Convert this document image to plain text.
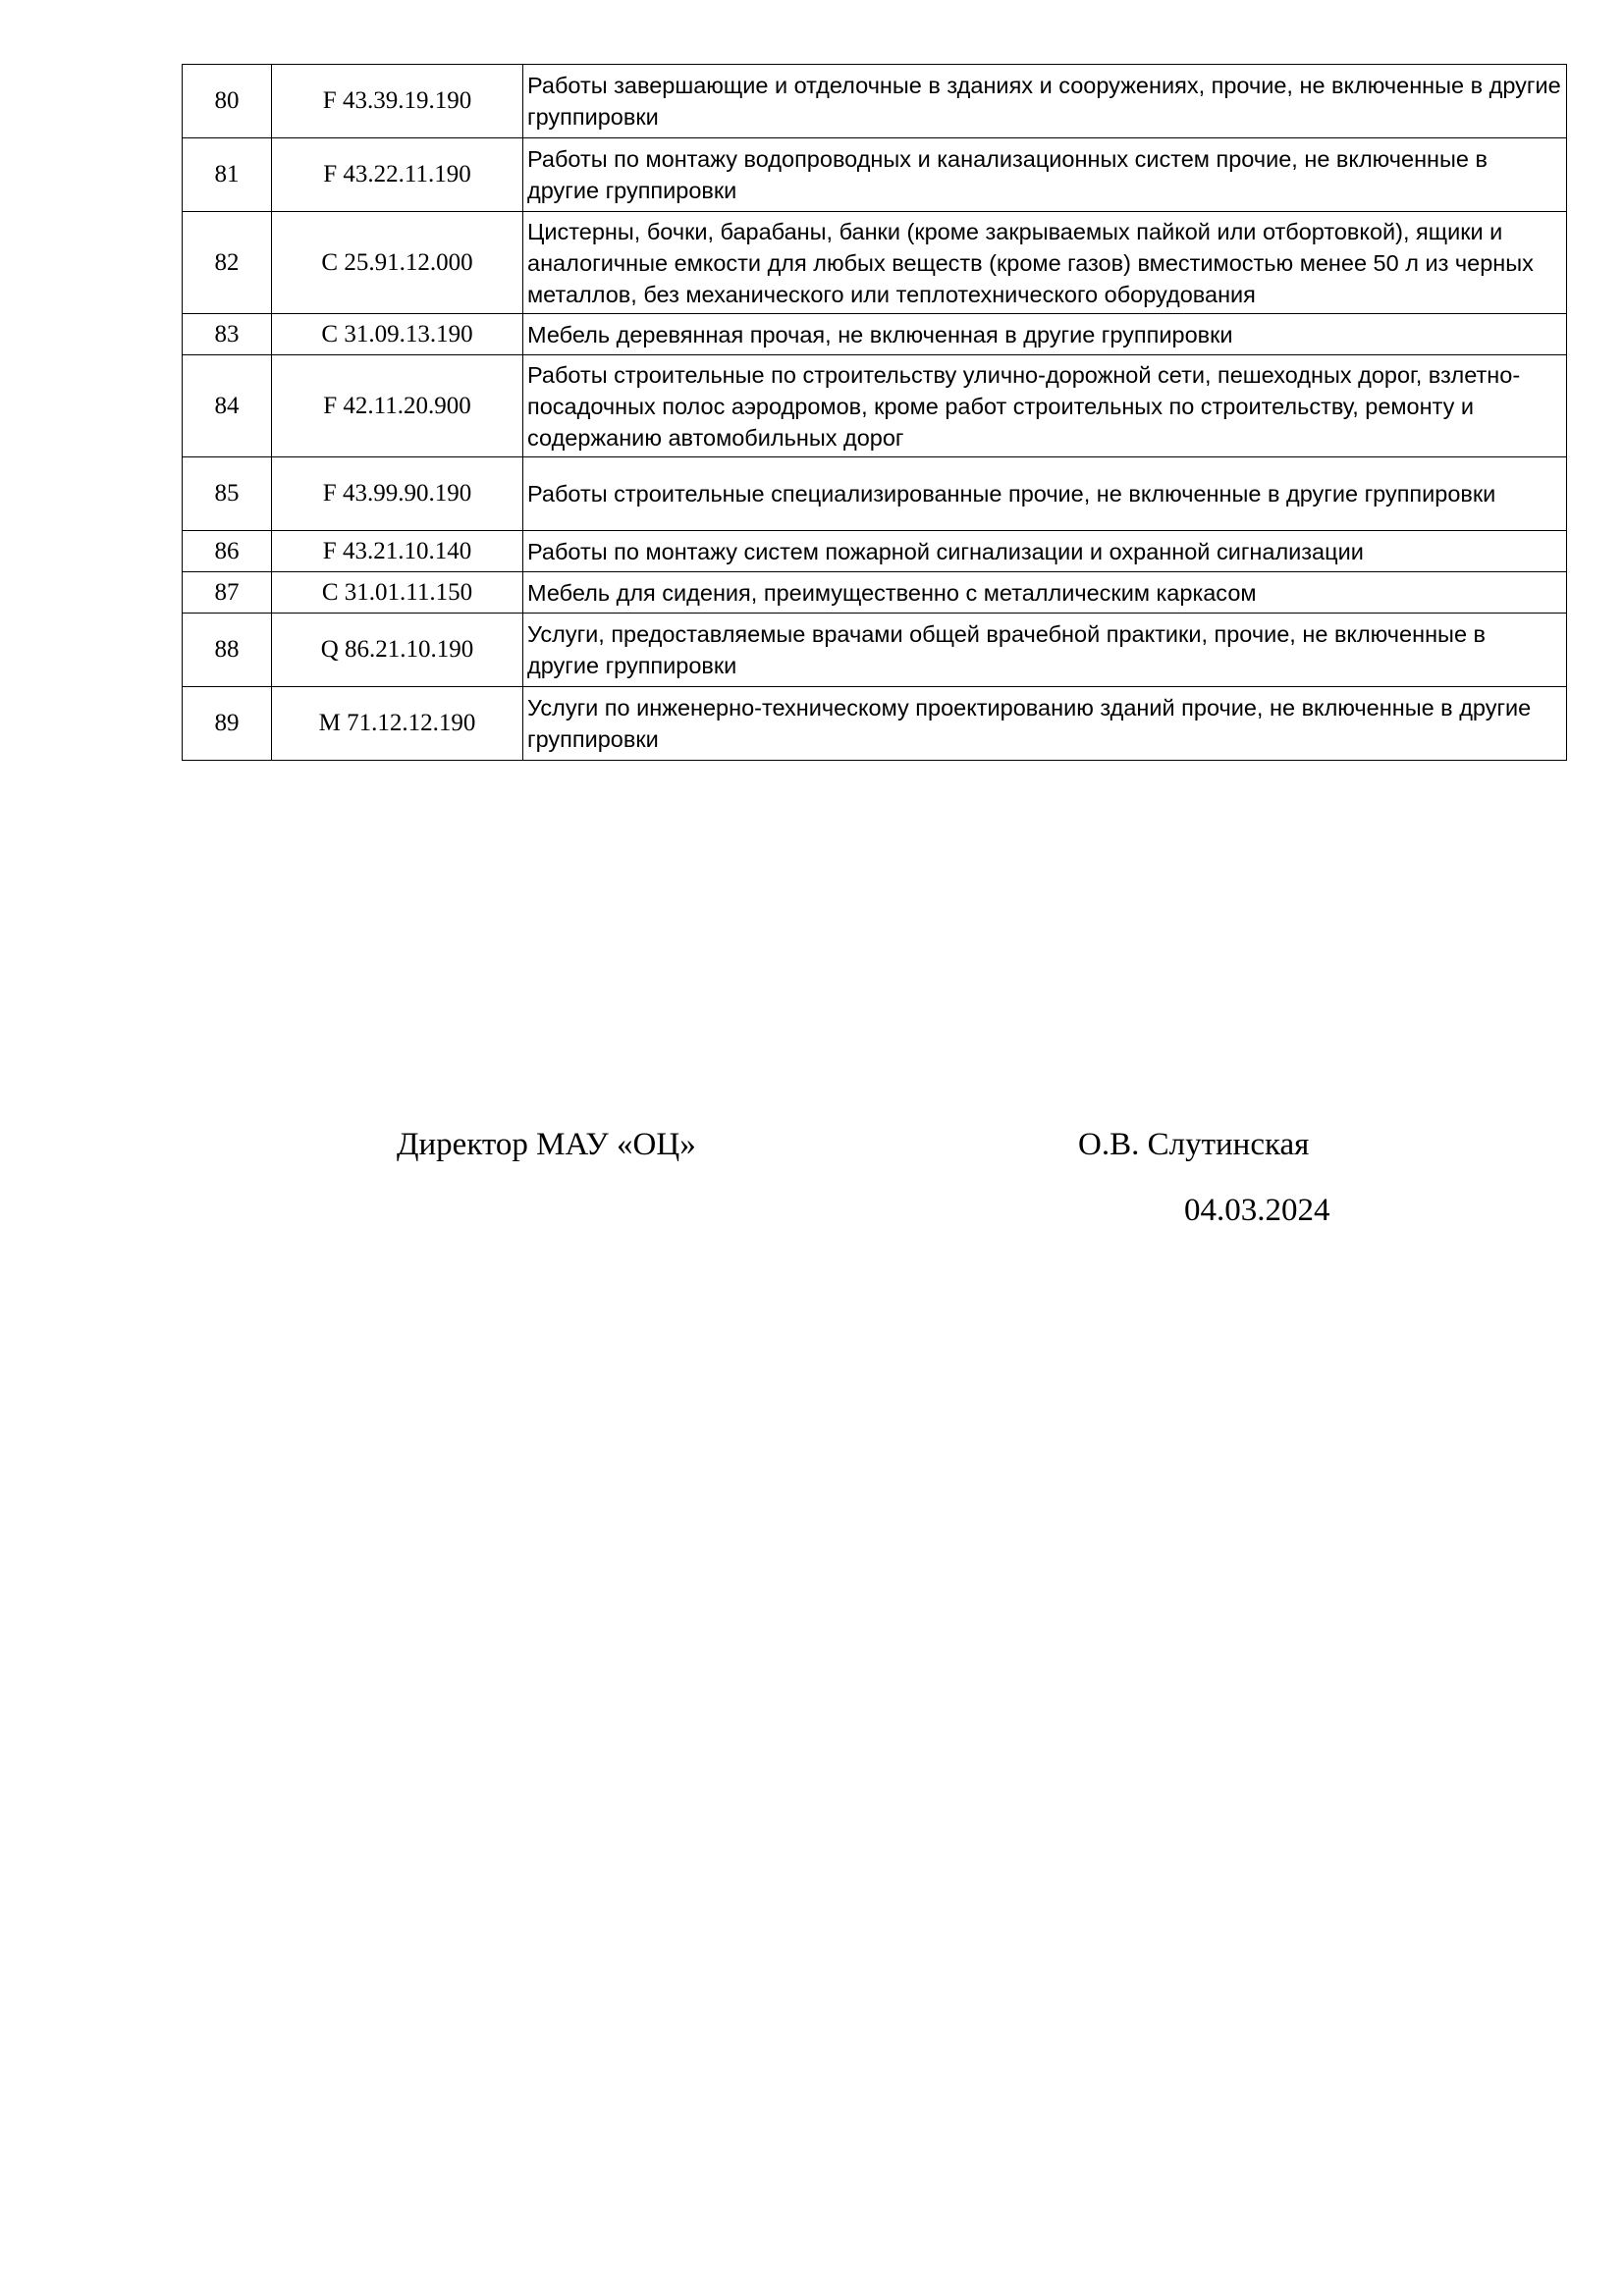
80	F 43.39.19.190	Работы завершающие и отделочные в зданиях и сооружениях, прочие, не включенные в другие группировки
81	F 43.22.11.190	Работы по монтажу водопроводных и канализационных систем прочие, не включенные в другие группировки
82	C 25.91.12.000	Цистерны, бочки, барабаны, банки (кроме закрываемых пайкой или отбортовкой), ящики и аналогичные емкости для любых веществ (кроме газов) вместимостью менее 50 л из черных металлов, без механического или теплотехнического оборудования
83	C 31.09.13.190	Мебель деревянная прочая, не включенная в другие группировки
84	F 42.11.20.900	Работы строительные по строительству улично-дорожной сети, пешеходных дорог, взлетно-посадочных полос аэродромов, кроме работ строительных по строительству, ремонту и содержанию автомобильных дорог
85	F 43.99.90.190	Работы строительные специализированные прочие, не включенные в другие группировки
86	F 43.21.10.140	Работы по монтажу систем пожарной сигнализации и охранной сигнализации
87	C 31.01.11.150	Мебель для сидения, преимущественно с металлическим каркасом
88	Q 86.21.10.190	Услуги, предоставляемые врачами общей врачебной практики, прочие, не включенные в другие группировки
89	M 71.12.12.190	Услуги по инженерно-техническому проектированию зданий прочие, не включенные в другие группировки
Директор МАУ «ОЦ»	О.В. Слутинская
04.03.2024
